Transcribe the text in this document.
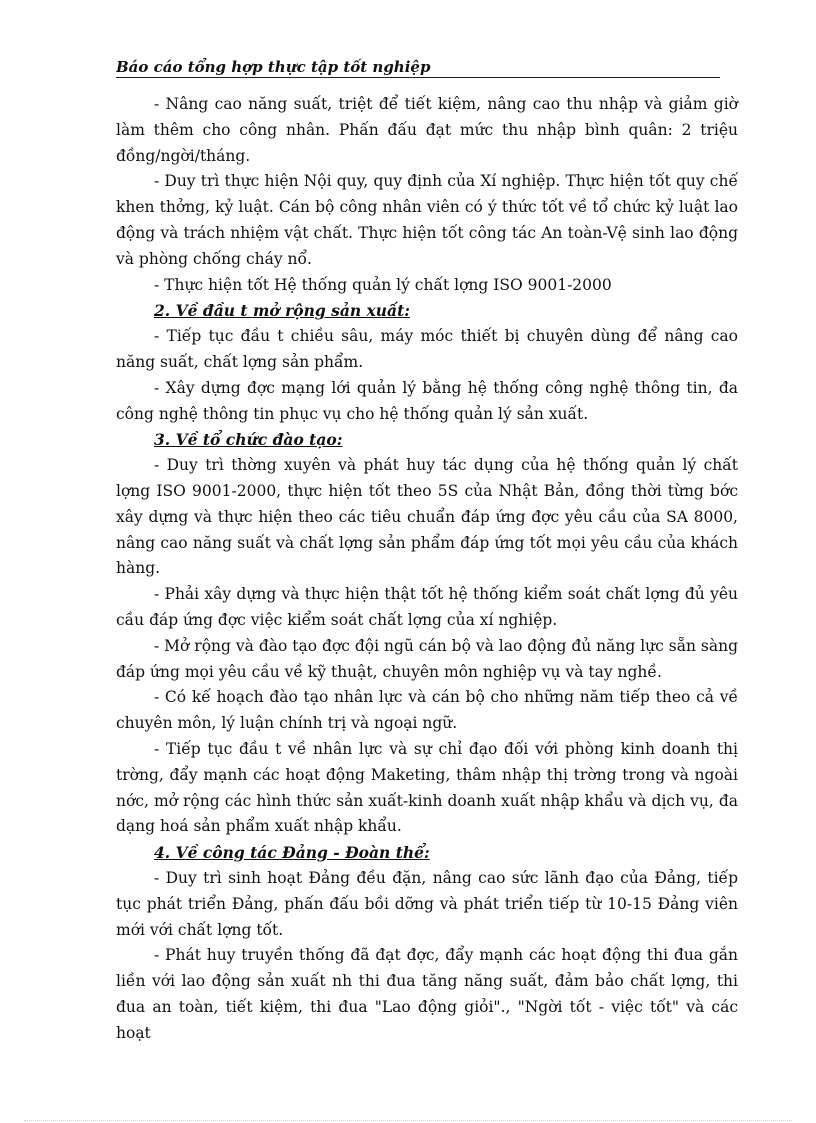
Báo cáo tổng hợp thực tập tốt nghiệp

- Nâng cao năng suất, triệt để tiết kiệm, nâng cao thu nhập và giảm giờ làm thêm cho công nhân. Phấn đấu đạt mức thu nhập bình quân: 2 triệu đồng/ngời/tháng.

- Duy trì thực hiện Nội quy, quy định của Xí nghiệp. Thực hiện tốt quy chế khen thởng, kỷ luật. Cán bộ công nhân viên có ý thức tốt về tổ chức kỷ luật lao động và trách nhiệm vật chất. Thực hiện tốt công tác An toàn-Vệ sinh lao động và phòng chống cháy nổ.

- Thực hiện tốt Hệ thống quản lý chất lợng ISO 9001-2000

2. Về đầu t mở rộng sản xuất:

- Tiếp tục đầu t chiều sâu, máy móc thiết bị chuyên dùng để nâng cao năng suất, chất lợng sản phẩm.

- Xây dựng đợc mạng lới quản lý bằng hệ thống công nghệ thông tin, đa công nghệ thông tin phục vụ cho hệ thống quản lý sản xuất.

3. Về tổ chức đào tạo:

- Duy trì thờng xuyên và phát huy tác dụng của hệ thống quản lý chất lợng ISO 9001-2000, thực hiện tốt theo 5S của Nhật Bản, đồng thời từng bớc xây dựng và thực hiện theo các tiêu chuẩn đáp ứng đợc yêu cầu của SA 8000, nâng cao năng suất và chất lợng sản phẩm đáp ứng tốt mọi yêu cầu của khách hàng.

- Phải xây dựng và thực hiện thật tốt hệ thống kiểm soát chất lợng đủ yêu cầu đáp ứng đợc việc kiểm soát chất lợng của xí nghiệp.

- Mở rộng và đào tạo đợc đội ngũ cán bộ và lao động đủ năng lực sẵn sàng đáp ứng mọi yêu cầu về kỹ thuật, chuyên môn nghiệp vụ và tay nghề.

- Có kế hoạch đào tạo nhân lực và cán bộ cho những năm tiếp theo cả về chuyên môn, lý luận chính trị và ngoại ngữ.

- Tiếp tục đầu t về nhân lực và sự chỉ đạo đối với phòng kinh doanh thị trờng, đẩy mạnh các hoạt động Maketing, thâm nhập thị trờng trong và ngoài nớc, mở rộng các hình thức sản xuất-kinh doanh xuất nhập khẩu và dịch vụ, đa dạng hoá sản phẩm xuất nhập khẩu.

4. Về công tác Đảng - Đoàn thể:

- Duy trì sinh hoạt Đảng đều đặn, nâng cao sức lãnh đạo của Đảng, tiếp tục phát triển Đảng, phấn đấu bồi dỡng và phát triển tiếp từ 10-15 Đảng viên mới với chất lợng tốt.

- Phát huy truyền thống đã đạt đợc, đẩy mạnh các hoạt động thi đua gắn liền với lao động sản xuất nh thi đua tăng năng suất, đảm bảo chất lợng, thi đua an toàn, tiết kiệm, thi đua "Lao động giỏi"., "Ngời tốt - việc tốt" và các hoạt
